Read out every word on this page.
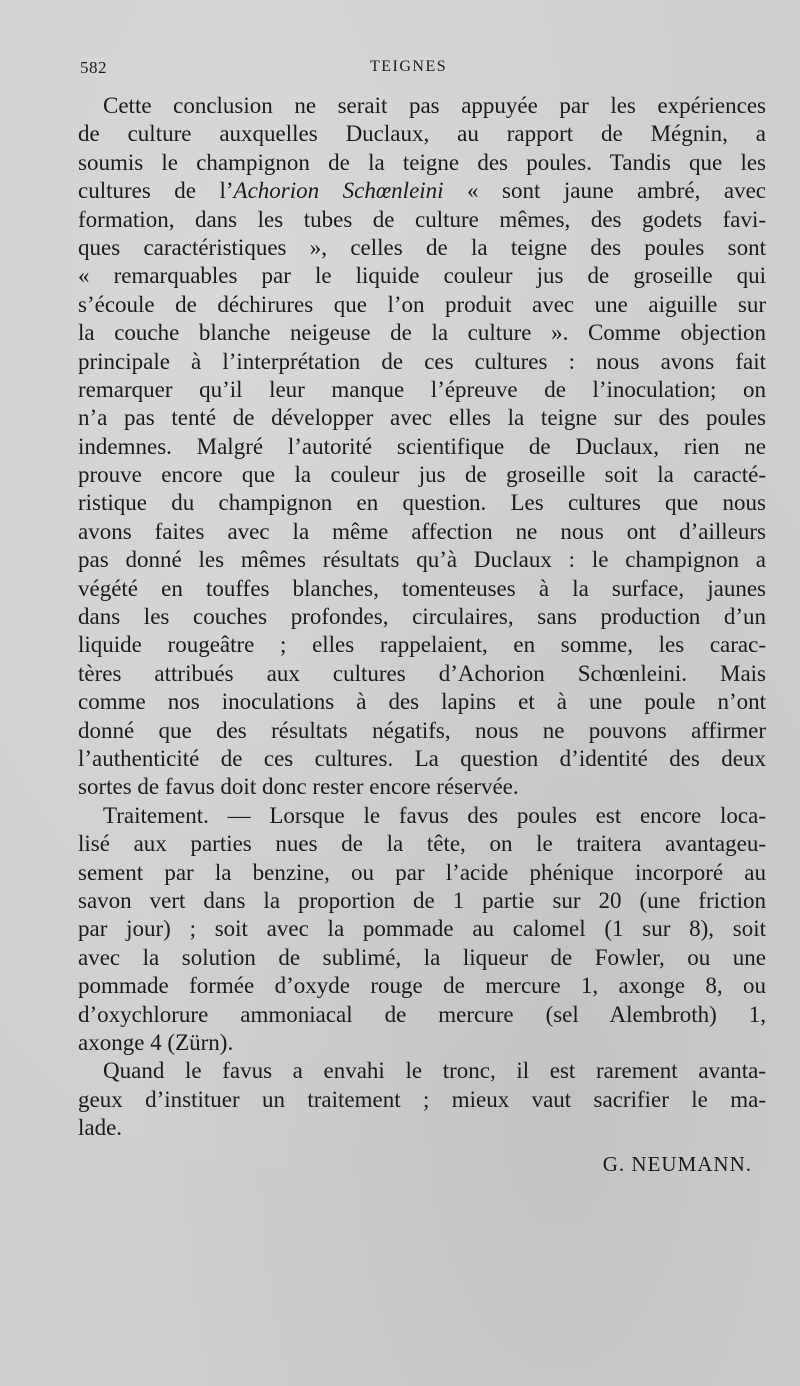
582	TEIGNES
Cette conclusion ne serait pas appuyée par les expériences
de culture auxquelles Duclaux, au rapport de Mégnin, a
soumis le champignon de la teigne des poules. Tandis que les
cultures de l’Achorion Schœnleini « sont jaune ambré, avec
formation, dans les tubes de culture mêmes, des godets favi-
ques caractéristiques », celles de la teigne des poules sont
« remarquables par le liquide couleur jus de groseille qui
s’écoule de déchirures que l’on produit avec une aiguille sur
la couche blanche neigeuse de la culture ». Comme objection
principale à l’interprétation de ces cultures : nous avons fait
remarquer qu’il leur manque l’épreuve de l’inoculation; on
n’a pas tenté de développer avec elles la teigne sur des poules
indemnes. Malgré l’autorité scientifique de Duclaux, rien ne
prouve encore que la couleur jus de groseille soit la caracté-
ristique du champignon en question. Les cultures que nous
avons faites avec la même affection ne nous ont d’ailleurs
pas donné les mêmes résultats qu’à Duclaux : le champignon a
végété en touffes blanches, tomenteuses à la surface, jaunes
dans les couches profondes, circulaires, sans production d’un
liquide rougeâtre ; elles rappelaient, en somme, les carac-
tères attribués aux cultures d’Achorion Schœnleini. Mais
comme nos inoculations à des lapins et à une poule n’ont
donné que des résultats négatifs, nous ne pouvons affirmer
l’authenticité de ces cultures. La question d’identité des deux
sortes de favus doit donc rester encore réservée.
Traitement. — Lorsque le favus des poules est encore loca-
lisé aux parties nues de la tête, on le traitera avantageu-
sement par la benzine, ou par l’acide phénique incorporé au
savon vert dans la proportion de 1 partie sur 20 (une friction
par jour) ; soit avec la pommade au calomel (1 sur 8), soit
avec la solution de sublimé, la liqueur de Fowler, ou une
pommade formée d’oxyde rouge de mercure 1, axonge 8, ou
d’oxychlorure ammoniacal de mercure (sel Alembroth) 1,
axonge 4 (Zürn).
Quand le favus a envahi le tronc, il est rarement avanta-
geux d’instituer un traitement ; mieux vaut sacrifier le ma-
lade.
G. NEUMANN.
